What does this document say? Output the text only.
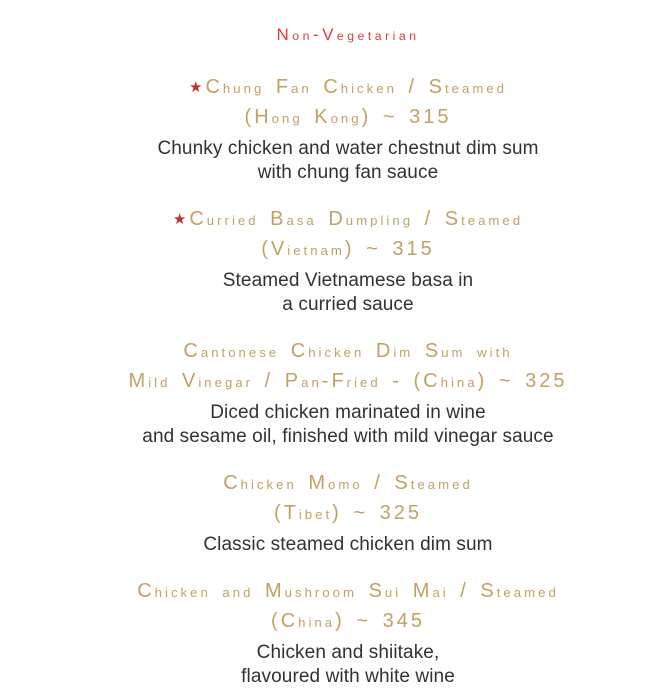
Non-Vegetarian
★ Chung Fan Chicken / Steamed
(Hong Kong) ~ 315
Chunky chicken and water chestnut dim sum
with chung fan sauce
★ Curried Basa Dumpling / Steamed
(Vietnam) ~ 315
Steamed Vietnamese basa in
a curried sauce
Cantonese Chicken Dim Sum with
Mild Vinegar / Pan-Fried - (China) ~ 325
Diced chicken marinated in wine
and sesame oil, finished with mild vinegar sauce
Chicken Momo / Steamed
(Tibet) ~ 325
Classic steamed chicken dim sum
Chicken and Mushroom Sui Mai / Steamed
(China) ~ 345
Chicken and shiitake,
flavoured with white wine
